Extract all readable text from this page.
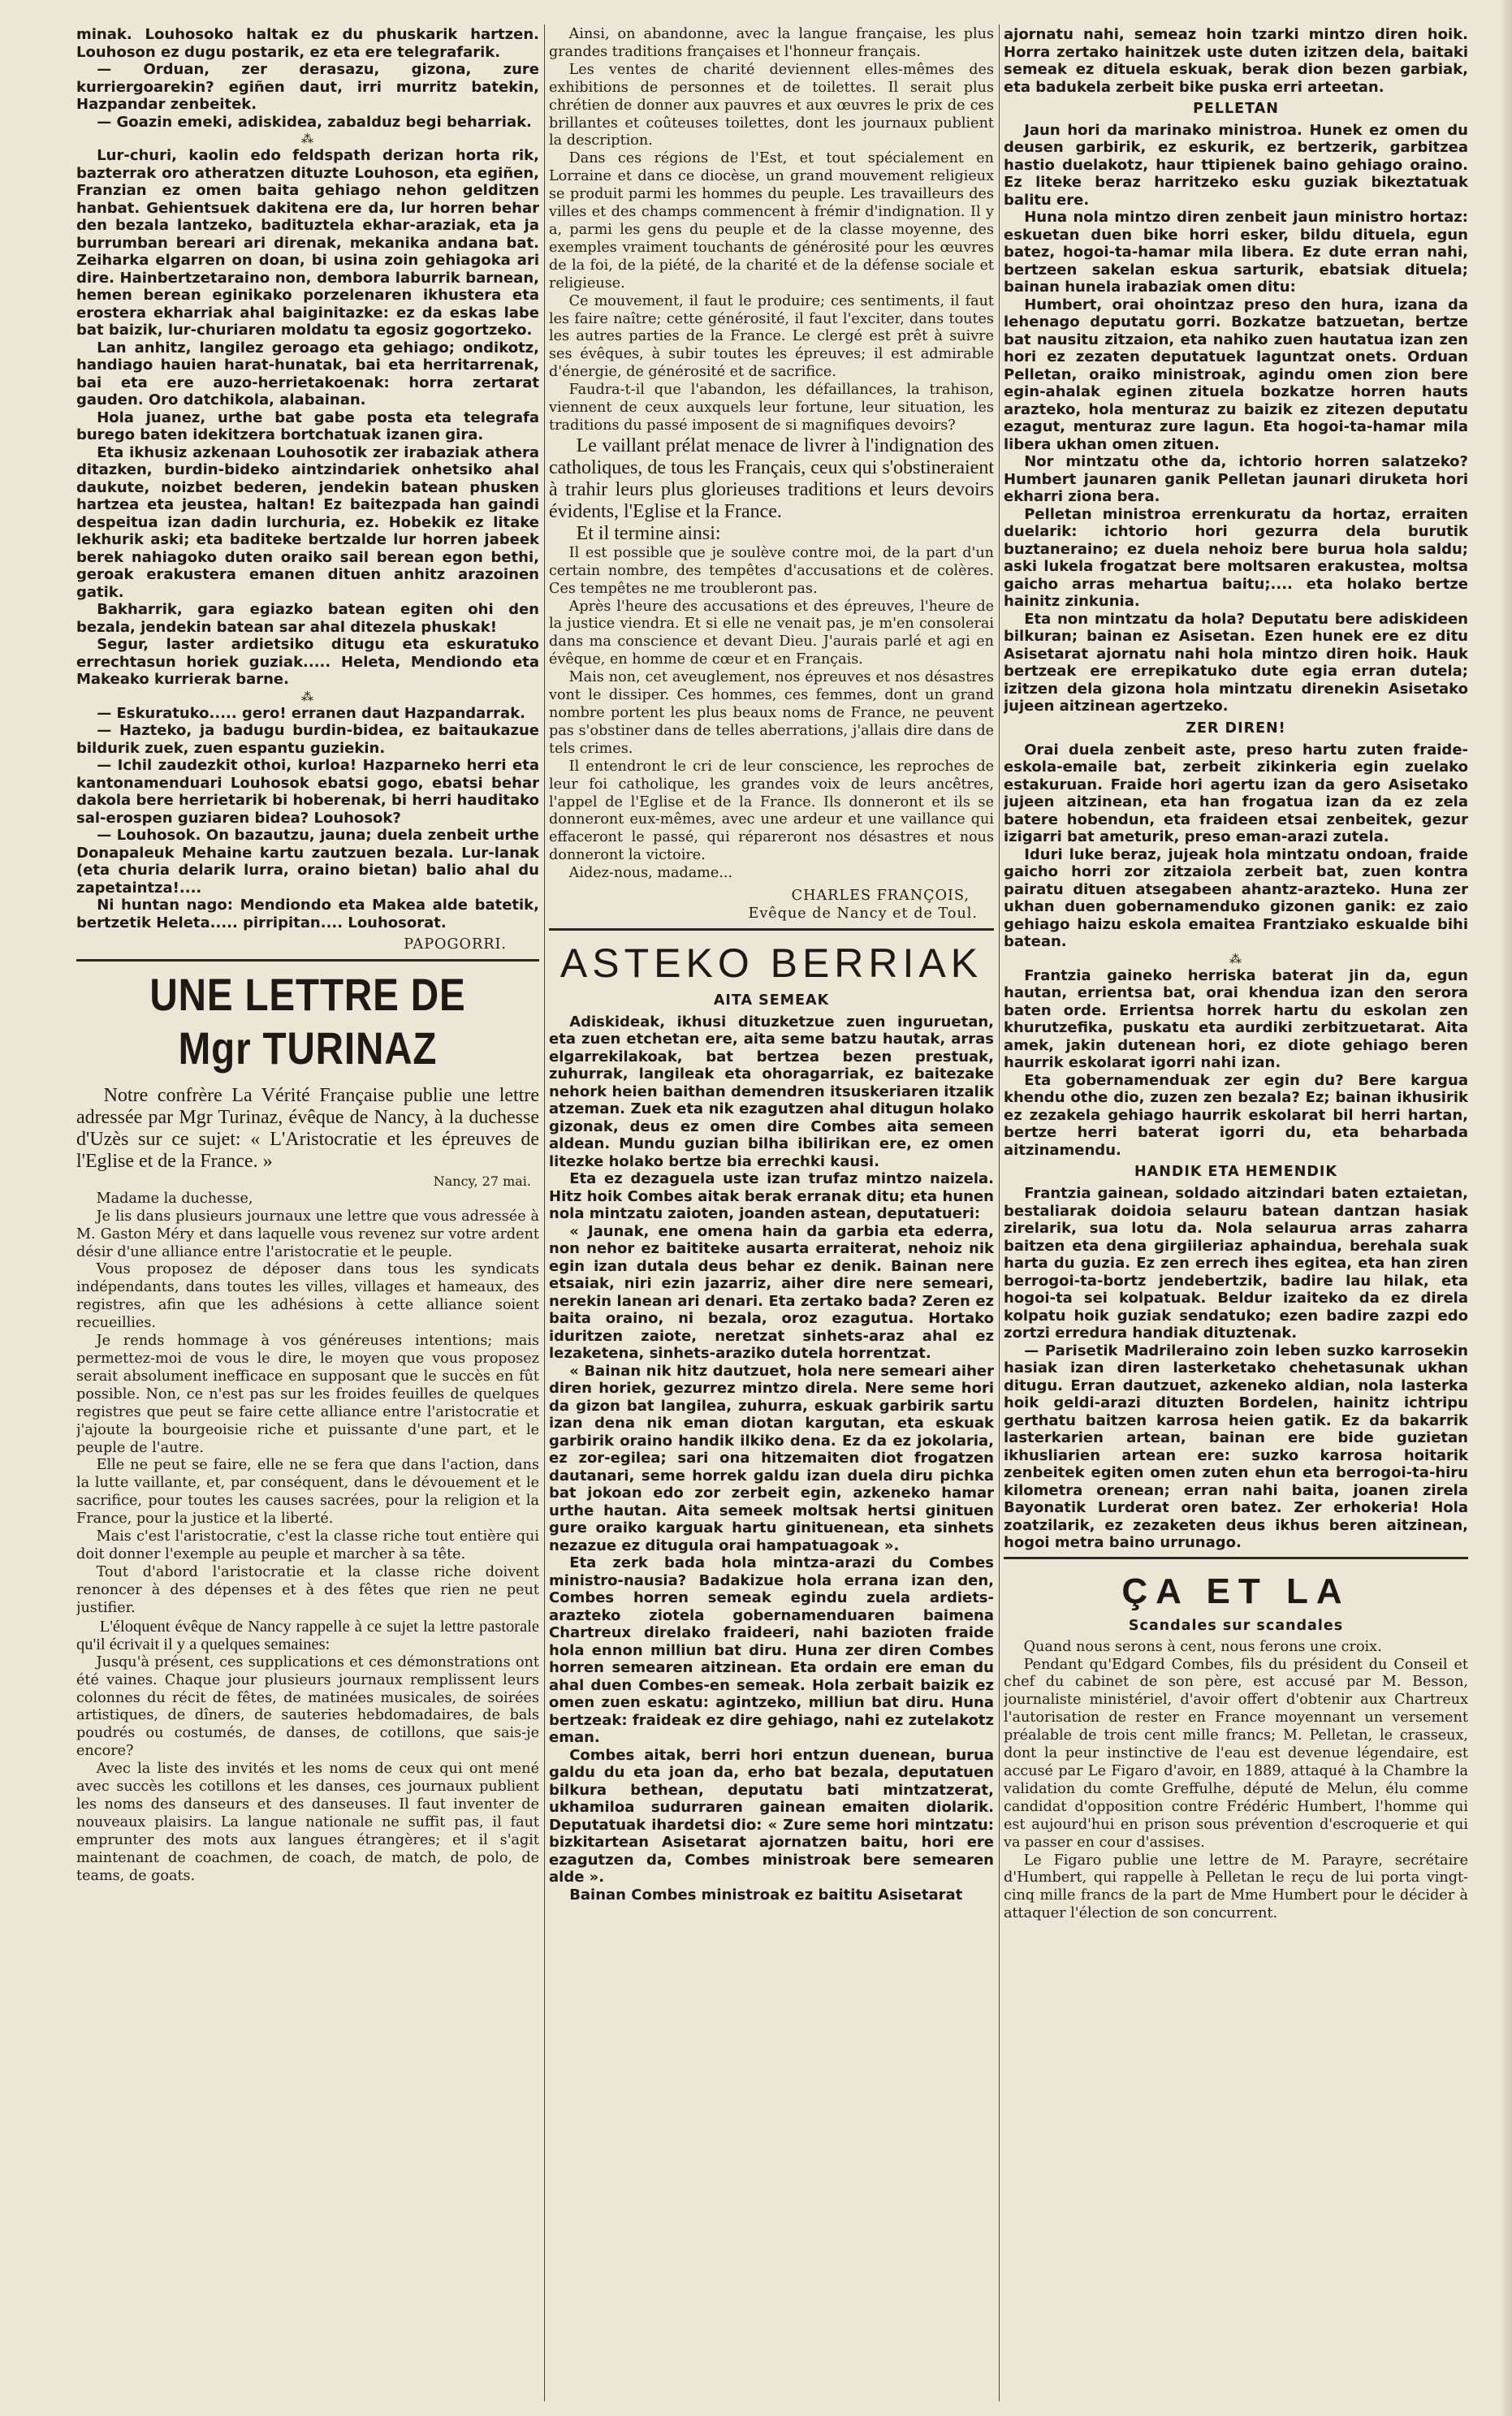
minak. Louhosoko haltak ez du phuskarik hartzen. Louhoson ez dugu postarik, ez eta ere telegrafarik.

— Orduan, zer derasazu, gizona, zure kurriergoarekin? egiñen daut, irri murritz batekin, Hazpandar zenbeitek.

— Goazin emeki, adiskidea, zabalduz begi beharriak.

⁂

Lur-churi, kaolin edo feldspath derizan horta rik, bazterrak oro atheratzen dituzte Louhoson, eta egiñen, Franzian ez omen baita gehiago nehon gelditzen hanbat. Gehientsuek dakitena ere da, lur horren behar den bezala lantzeko, badituztela ekhar-araziak, eta ja burrumban bereari ari direnak, mekanika andana bat. Zeiharka elgarren on doan, bi usina zoin gehiagoka ari dire. Hainbertzetaraino non, dembora laburrik barnean, hemen berean eginikako porzelenaren ikhustera eta erostera ekharriak ahal baiginitazke: ez da eskas labe bat baizik, lur-churiaren moldatu ta egosiz gogortzeko.

Lan anhitz, langilez geroago eta gehiago; ondikotz, handiago hauien harat-hunatak, bai eta herritarrenak, bai eta ere auzo-herrietakoenak: horra zertarat gauden. Oro datchikola, alabainan.

Hola juanez, urthe bat gabe posta eta telegrafa burego baten idekitzera bortchatuak izanen gira.

Eta ikhusiz azkenaan Louhosotik zer irabaziak athera ditazken, burdin-bideko aintzindariek onhetsiko ahal daukute, noizbet bederen, jendekin batean phusken hartzea eta jeustea, haltan! Ez baitezpada han gaindi despeitua izan dadin lurchuria, ez. Hobekik ez litake lekhurik aski; eta baditeke bertzalde lur horren jabeek berek nahiagoko duten oraiko sail berean egon bethi, geroak erakustera emanen dituen anhitz arazoinen gatik.

Bakharrik, gara egiazko batean egiten ohi den bezala, jendekin batean sar ahal ditezela phuskak!

Segur, laster ardietsiko ditugu eta eskuratuko errechtasun horiek guziak..... Heleta, Mendiondo eta Makeako kurrierak barne.

⁂

— Eskuratuko..... gero! erranen daut Hazpandarrak.

— Hazteko, ja badugu burdin-bidea, ez baitaukazue bildurik zuek, zuen espantu guziekin.

— Ichil zaudezkit othoi, kurloa! Hazparneko herri eta kantonamenduari Louhosok ebatsi gogo, ebatsi behar dakola bere herrietarik bi hoberenak, bi herri hauditako sal-erospen guziaren bidea? Louhosok?

— Louhosok. On bazautzu, jauna; duela zenbeit urthe Donapaleuk Mehaine kartu zautzuen bezala. Lur-lanak (eta churia delarik lurra, oraino bietan) balio ahal du zapetaintza!....

Ni huntan nago: Mendiondo eta Makea alde batetik, bertzetik Heleta..... pirripitan.... Louhosorat.

PAPOGORRI.
UNE LETTRE DE Mgr TURINAZ

Notre confrère La Vérité Française publie une lettre adressée par Mgr Turinaz, évêque de Nancy, à la duchesse d'Uzès sur ce sujet: « L'Aristocratie et les épreuves de l'Eglise et de la France. »

Nancy, 27 mai.

Madame la duchesse,

Je lis dans plusieurs journaux une lettre que vous adressée à M. Gaston Méry et dans laquelle vous revenez sur votre ardent désir d'une alliance entre l'aristocratie et le peuple.

Vous proposez de déposer dans tous les syndicats indépendants, dans toutes les villes, villages et hameaux, des registres, afin que les adhésions à cette alliance soient recueillies.

Je rends hommage à vos généreuses intentions; mais permettez-moi de vous le dire, le moyen que vous proposez serait absolument inefficace en supposant que le succès en fût possible. Non, ce n'est pas sur les froides feuilles de quelques registres que peut se faire cette alliance entre l'aristocratie et j'ajoute la bourgeoisie riche et puissante d'une part, et le peuple de l'autre.

Elle ne peut se faire, elle ne se fera que dans l'action, dans la lutte vaillante, et, par conséquent, dans le dévouement et le sacrifice, pour toutes les causes sacrées, pour la religion et la France, pour la justice et la liberté.

Mais c'est l'aristocratie, c'est la classe riche tout entière qui doit donner l'exemple au peuple et marcher à sa tête.

Tout d'abord l'aristocratie et la classe riche doivent renoncer à des dépenses et à des fêtes que rien ne peut justifier.

L'éloquent évêque de Nancy rappelle à ce sujet la lettre pastorale qu'il écrivait il y a quelques semaines:

Jusqu'à présent, ces supplications et ces démonstrations ont été vaines. Chaque jour plusieurs journaux remplissent leurs colonnes du récit de fêtes, de matinées musicales, de soirées artistiques, de dîners, de sauteries hebdomadaires, de bals poudrés ou costumés, de danses, de cotillons, que sais-je encore?

Avec la liste des invités et les noms de ceux qui ont mené avec succès les cotillons et les danses, ces journaux publient les noms des danseurs et des danseuses. Il faut inventer de nouveaux plaisirs. La langue nationale ne suffit pas, il faut emprunter des mots aux langues étrangères; et il s'agit maintenant de coachmen, de coach, de match, de polo, de teams, de goats.

Ainsi, on abandonne, avec la langue française, les plus grandes traditions françaises et l'honneur français.

Les ventes de charité deviennent elles-mêmes des exhibitions de personnes et de toilettes. Il serait plus chrétien de donner aux pauvres et aux œuvres le prix de ces brillantes et coûteuses toilettes, dont les journaux publient la description.

Dans ces régions de l'Est, et tout spécialement en Lorraine et dans ce diocèse, un grand mouvement religieux se produit parmi les hommes du peuple. Les travailleurs des villes et des champs commencent à frémir d'indignation. Il y a, parmi les gens du peuple et de la classe moyenne, des exemples vraiment touchants de générosité pour les œuvres de la foi, de la piété, de la charité et de la défense sociale et religieuse.

Ce mouvement, il faut le produire; ces sentiments, il faut les faire naître; cette générosité, il faut l'exciter, dans toutes les autres parties de la France. Le clergé est prêt à suivre ses évêques, à subir toutes les épreuves; il est admirable d'énergie, de générosité et de sacrifice.

Faudra-t-il que l'abandon, les défaillances, la trahison, viennent de ceux auxquels leur fortune, leur situation, les traditions du passé imposent de si magnifiques devoirs?

Le vaillant prélat menace de livrer à l'indignation des catholiques, de tous les Français, ceux qui s'obstineraient à trahir leurs plus glorieuses traditions et leurs devoirs évidents, l'Eglise et la France.

Et il termine ainsi:

Il est possible que je soulève contre moi, de la part d'un certain nombre, des tempêtes d'accusations et de colères. Ces tempêtes ne me troubleront pas.

Après l'heure des accusations et des épreuves, l'heure de la justice viendra. Et si elle ne venait pas, je m'en consolerai dans ma conscience et devant Dieu. J'aurais parlé et agi en évêque, en homme de cœur et en Français.

Mais non, cet aveuglement, nos épreuves et nos désastres vont le dissiper. Ces hommes, ces femmes, dont un grand nombre portent les plus beaux noms de France, ne peuvent pas s'obstiner dans de telles aberrations, j'allais dire dans de tels crimes.

Il entendront le cri de leur conscience, les reproches de leur foi catholique, les grandes voix de leurs ancêtres, l'appel de l'Eglise et de la France. Ils donneront et ils se donneront eux-mêmes, avec une ardeur et une vaillance qui effaceront le passé, qui répareront nos désastres et nous donneront la victoire.

Aidez-nous, madame...

CHARLES FRANÇOIS,
Evêque de Nancy et de Toul.
ASTEKO BERRIAK
AITA SEMEAK

Adiskideak, ikhusi dituzketzue zuen inguruetan, eta zuen etchetan ere, aita seme batzu hautak, arras elgarrekilakoak, bat bertzea bezen prestuak, zuhurrak, langileak eta ohoragarriak, ez baitezake nehork heien baithan demendren itsuskeriaren itzalik atzeman. Zuek eta nik ezagutzen ahal ditugun holako gizonak, deus ez omen dire Combes aita semeen aldean. Mundu guzian bilha ibilirikan ere, ez omen litezke holako bertze bia errechki kausi.

Eta ez dezaguela uste izan trufaz mintzo naizela. Hitz hoik Combes aitak berak erranak ditu; eta hunen nola mintzatu zaioten, joanden astean, deputatueri:

« Jaunak, ene omena hain da garbia eta ederra, non nehor ez baititeke ausarta erraiterat, nehoiz nik egin izan dutala deus behar ez denik. Bainan nere etsaiak, niri ezin jazarriz, aiher dire nere semeari, nerekin lanean ari denari. Eta zertako bada? Zeren ez baita oraino, ni bezala, oroz ezagutua. Hortako iduritzen zaiote, neretzat sinhets-araz ahal ez lezaketena, sinhets-araziko dutela horrentzat.

« Bainan nik hitz dautzuet, hola nere semeari aiher diren horiek, gezurrez mintzo direla. Nere seme hori da gizon bat langilea, zuhurra, eskuak garbirik sartu izan dena nik eman diotan kargutan, eta eskuak garbirik oraino handik ilkiko dena. Ez da ez jokolaria, ez zor-egilea; sari ona hitzemaiten diot frogatzen dautanari, seme horrek galdu izan duela diru pichka bat jokoan edo zor zerbeit egin, azkeneko hamar urthe hautan. Aita semeek moltsak hertsi ginituen gure oraiko karguak hartu ginituenean, eta sinhets nezazue ez ditugula orai hampatuagoak ».

Eta zerk bada hola mintza-arazi du Combes ministro-nausia? Badakizue hola errana izan den, Combes horren semeak egindu zuela ardiets-arazteko ziotela gobernamenduaren baimena Chartreux direlako fraideeri, nahi bazioten fraide hola ennon milliun bat diru. Huna zer diren Combes horren semearen aitzinean. Eta ordain ere eman du ahal duen Combes-en semeak. Hola zerbait baizik ez omen zuen eskatu: agintzeko, milliun bat diru. Huna bertzeak: fraideak ez dire gehiago, nahi ez zutelakotz eman.

Combes aitak, berri hori entzun duenean, burua galdu du eta joan da, erho bat bezala, deputatuen bilkura bethean, deputatu bati mintzatzerat, ukhamiloa sudurraren gainean emaiten diolarik. Deputatuak ihardetsi dio: « Zure seme hori mintzatu: bizkitartean Asisetarat ajornatzen baitu, hori ere ezagutzen da, Combes ministroak bere semearen alde ».

Bainan Combes ministroak ez baititu Asisetarat

ajornatu nahi, semeaz hoin tzarki mintzo diren hoik. Horra zertako hainitzek uste duten izitzen dela, baitaki semeak ez dituela eskuak, berak dion bezen garbiak, eta badukela zerbeit bike puska erri arteetan.

PELLETAN

Jaun hori da marinako ministroa. Hunek ez omen du deusen garbirik, ez eskurik, ez bertzerik, garbitzea hastio duelakotz, haur ttipienek baino gehiago oraino. Ez liteke beraz harritzeko esku guziak bikeztatuak balitu ere.

Huna nola mintzo diren zenbeit jaun ministro hortaz: eskuetan duen bike horri esker, bildu dituela, egun batez, hogoi-ta-hamar mila libera. Ez dute erran nahi, bertzeen sakelan eskua sarturik, ebatsiak dituela; bainan hunela irabaziak omen ditu:

Humbert, orai ohointzaz preso den hura, izana da lehenago deputatu gorri. Bozkatze batzuetan, bertze bat nausitu zitzaion, eta nahiko zuen hautatua izan zen hori ez zezaten deputatuek laguntzat onets. Orduan Pelletan, oraiko ministroak, agindu omen zion bere egin-ahalak eginen zituela bozkatze horren hauts arazteko, hola menturaz zu baizik ez zitezen deputatu ezagut, menturaz zure lagun. Eta hogoi-ta-hamar mila libera ukhan omen zituen.

Nor mintzatu othe da, ichtorio horren salatzeko? Humbert jaunaren ganik Pelletan jaunari diruketa hori ekharri ziona bera.

Pelletan ministroa errenkuratu da hortaz, erraiten duelarik: ichtorio hori gezurra dela burutik buztaneraino; ez duela nehoiz bere burua hola saldu; aski lukela frogatzat bere moltsaren erakustea, moltsa gaicho arras mehartua baitu;.... eta holako bertze hainitz zinkunia.

Eta non mintzatu da hola? Deputatu bere adiskideen bilkuran; bainan ez Asisetan. Ezen hunek ere ez ditu Asisetarat ajornatu nahi hola mintzo diren hoik. Hauk bertzeak ere errepikatuko dute egia erran dutela; izitzen dela gizona hola mintzatu direnekin Asisetako jujeen aitzinean agertzeko.

ZER DIREN!

Orai duela zenbeit aste, preso hartu zuten fraide-eskola-emaile bat, zerbeit zikinkeria egin zuelako estakuruan. Fraide hori agertu izan da gero Asisetako jujeen aitzinean, eta han frogatua izan da ez zela batere hobendun, eta fraideen etsai zenbeitek, gezur izigarri bat ameturik, preso eman-arazi zutela.

Iduri luke beraz, jujeak hola mintzatu ondoan, fraide gaicho horri zor zitzaiola zerbeit bat, zuen kontra pairatu dituen atsegabeen ahantz-arazteko. Huna zer ukhan duen gobernamenduko gizonen ganik: ez zaio gehiago haizu eskola emaitea Frantziako eskualde bihi batean.

⁂

Frantzia gaineko herriska baterat jin da, egun hautan, errientsa bat, orai khendua izan den serora baten orde. Errientsa horrek hartu du eskolan zen khurutzefika, puskatu eta aurdiki zerbitzuetarat. Aita amek, jakin dutenean hori, ez diote gehiago beren haurrik eskolarat igorri nahi izan.

Eta gobernamenduak zer egin du? Bere kargua khendu othe dio, zuzen zen bezala? Ez; bainan ikhusirik ez zezakela gehiago haurrik eskolarat bil herri hartan, bertze herri baterat igorri du, eta beharbada aitzinamendu.

HANDIK ETA HEMENDIK

Frantzia gainean, soldado aitzindari baten eztaietan, bestaliarak doidoia selauru batean dantzan hasiak zirelarik, sua lotu da. Nola selaurua arras zaharra baitzen eta dena girgiileriaz aphaindua, berehala suak harta du guzia. Ez zen errech ihes egitea, eta han ziren berrogoi-ta-bortz jendebertzik, badire lau hilak, eta hogoi-ta sei kolpatuak. Beldur izaiteko da ez direla kolpatu hoik guziak sendatuko; ezen badire zazpi edo zortzi erredura handiak dituztenak.

— Parisetik Madrileraino zoin leben suzko karrosekin hasiak izan diren lasterketako chehetasunak ukhan ditugu. Erran dautzuet, azkeneko aldian, nola lasterka hoik geldi-arazi dituzten Bordelen, hainitz ichtripu gerthatu baitzen karrosa heien gatik. Ez da bakarrik lasterkarien artean, bainan ere bide guzietan ikhusliarien artean ere: suzko karrosa hoitarik zenbeitek egiten omen zuten ehun eta berrogoi-ta-hiru kilometra orenean; erran nahi baita, joanen zirela Bayonatik Lurderat oren batez. Zer erhokeria! Hola zoatzilarik, ez zezaketen deus ikhus beren aitzinean, hogoi metra baino urrunago.

ÇA ET LA
Scandales sur scandales

Quand nous serons à cent, nous ferons une croix.

Pendant qu'Edgard Combes, fils du président du Conseil et chef du cabinet de son père, est accusé par M. Besson, journaliste ministériel, d'avoir offert d'obtenir aux Chartreux l'autorisation de rester en France moyennant un versement préalable de trois cent mille francs; M. Pelletan, le crasseux, dont la peur instinctive de l'eau est devenue légendaire, est accusé par Le Figaro d'avoir, en 1889, attaqué à la Chambre la validation du comte Greffulhe, député de Melun, élu comme candidat d'opposition contre Frédéric Humbert, l'homme qui est aujourd'hui en prison sous prévention d'escroquerie et qui va passer en cour d'assises.

Le Figaro publie une lettre de M. Parayre, secrétaire d'Humbert, qui rappelle à Pelletan le reçu de lui porta vingt-cinq mille francs de la part de Mme Humbert pour le décider à attaquer l'élection de son concurrent.
